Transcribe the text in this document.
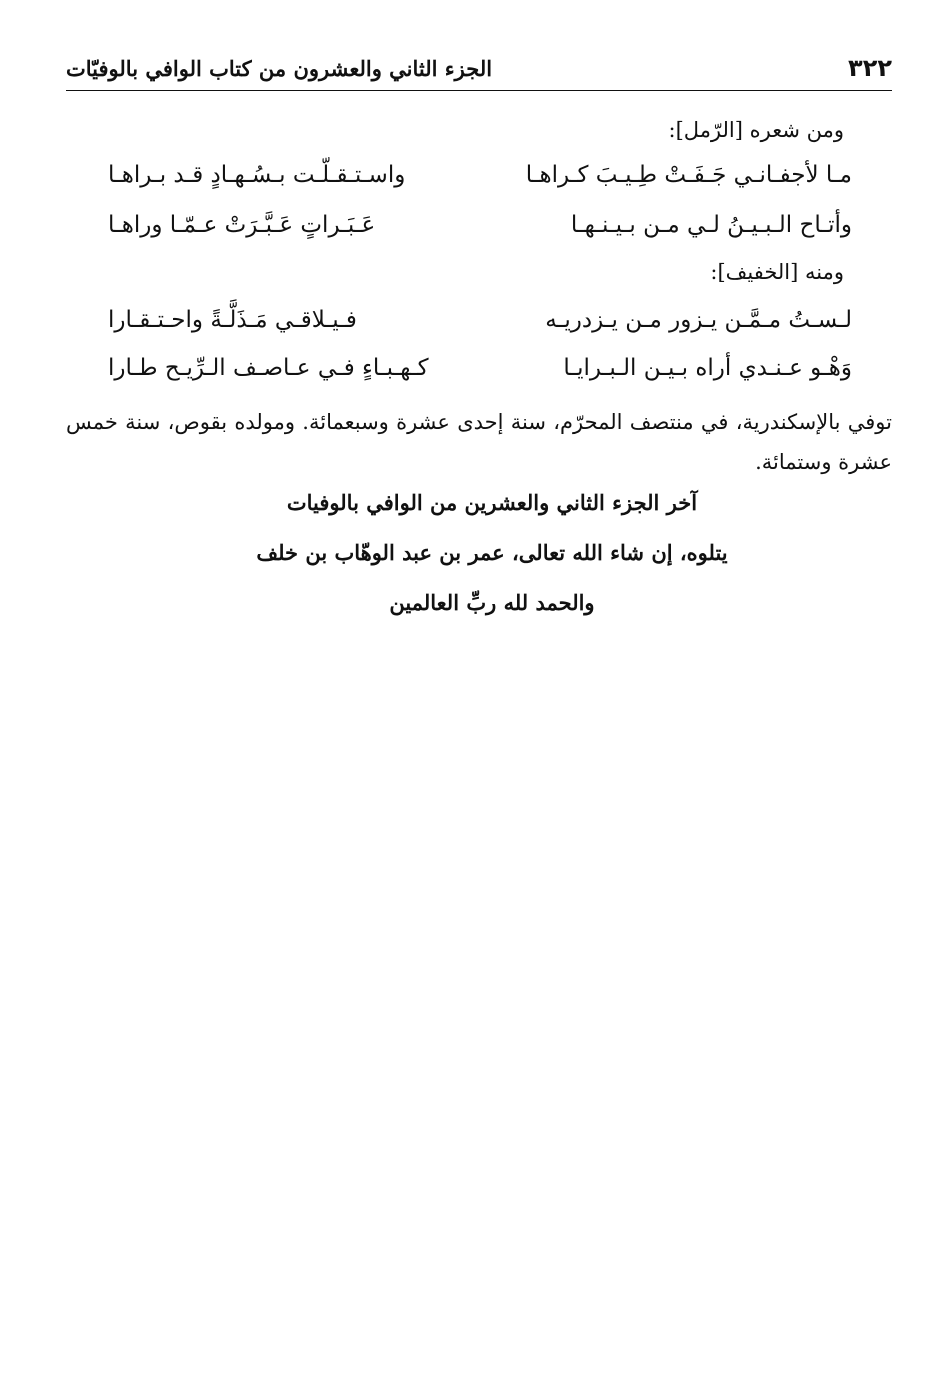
٣٢٢
الجزء الثاني والعشرون من كتاب الوافي بالوفيّات
ومن شعره [الرّمل]:
مـا لأجفـانـي جَـفَـتْ طِـيـبَ كـراهـا
واسـتـقـلّـت بـسُـهـادٍ قـد بـراهـا
وأتـاح الـبـيـنُ لـي مـن بـيـنـهـا
عَـبَـراتٍ عَـبَّـرَتْ عـمّـا وراهـا
ومنه [الخفيف]:
لـسـتُ مـمَّـن يـزور مـن يـزدريـه
فـيـلاقـي مَـذَلَّـةً واحـتـقـارا
وَهْـو عـنـدي أراه بـيـن الـبـرايـا
كـهـبـاءٍ فـي عـاصـف الـرِّيـح طـارا
توفي بالإسكندرية، في منتصف المحرّم، سنة إحدى عشرة وسبعمائة. ومولده بقوص، سنة خمس عشرة وستمائة.
آخر الجزء الثاني والعشرين من الوافي بالوفيات
يتلوه، إن شاء الله تعالى، عمر بن عبد الوهّاب بن خلف
والحمد لله ربِّ العالمين
